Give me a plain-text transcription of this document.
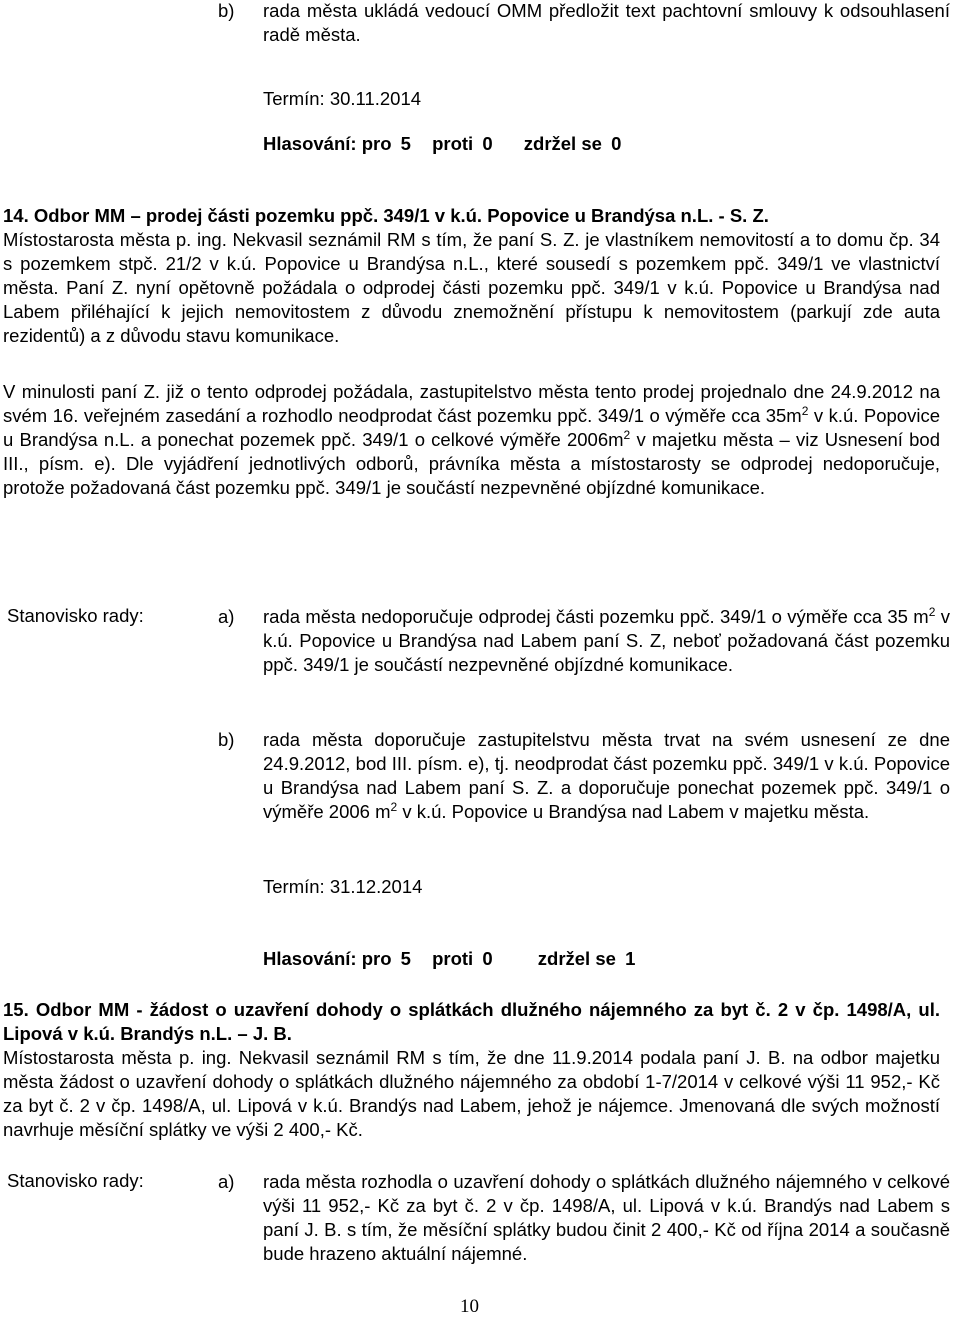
b) rada města ukládá vedoucí OMM předložit text pachtovní smlouvy k odsouhlasení radě města.
Termín: 30.11.2014
Hlasování: pro 5 proti 0 zdržel se 0
14. Odbor MM – prodej části pozemku ppč. 349/1 v k.ú. Popovice u Brandýsa n.L. - S. Z.
Místostarosta města p. ing. Nekvasil seznámil RM s tím, že paní S. Z. je vlastníkem nemovitostí a to domu čp. 34 s pozemkem stpč. 21/2 v k.ú. Popovice u Brandýsa n.L., které sousedí s pozemkem ppč. 349/1 ve vlastnictví města. Paní Z. nyní opětovně požádala o odprodej části pozemku ppč. 349/1 v k.ú. Popovice u Brandýsa nad Labem přiléhající k jejich nemovitostem z důvodu znemožnění přístupu k nemovitostem (parkují zde auta rezidentů) a z důvodu stavu komunikace.
V minulosti paní Z. již o tento odprodej požádala, zastupitelstvo města tento prodej projednalo dne 24.9.2012 na svém 16. veřejném zasedání a rozhodlo neodprodat část pozemku ppč. 349/1 o výměře cca $35m^2$ v k.ú. Popovice u Brandýsa n.L. a ponechat pozemek ppč. 349/1 o celkové výměře $2006m^2$ v majetku města – viz Usnesení bod III., písm. e). Dle vyjádření jednotlivých odborů, právníka města a místostarosty se odprodej nedoporučuje, protože požadovaná část pozemku ppč. 349/1 je součástí nezpevněné objízdné komunikace.
Stanovisko rady:	a) rada města nedoporučuje odprodej části pozemku ppč. 349/1 o výměře cca 35 $m^2$ v k.ú. Popovice u Brandýsa nad Labem paní S. Z, neboť požadovaná část pozemku ppč. 349/1 je součástí nezpevněné objízdné komunikace.
b) rada města doporučuje zastupitelstvu města trvat na svém usnesení ze dne 24.9.2012, bod III. písm. e), tj. neodprodat část pozemku ppč. 349/1 v k.ú. Popovice u Brandýsa nad Labem paní S. Z. a doporučuje ponechat pozemek ppč. 349/1 o výměře 2006 $m^2$ v k.ú. Popovice u Brandýsa nad Labem v majetku města.
Termín: 31.12.2014
Hlasování: pro 5 proti 0 zdržel se 1
15. Odbor MM - žádost o uzavření dohody o splátkách dlužného nájemného za byt č. 2 v čp. 1498/A, ul. Lipová v k.ú. Brandýs n.L. – J. B.
Místostarosta města p. ing. Nekvasil seznámil RM s tím, že dne 11.9.2014 podala paní J. B. na odbor majetku města žádost o uzavření dohody o splátkách dlužného nájemného za období 1-7/2014 v celkové výši 11 952,- Kč za byt č. 2 v čp. 1498/A, ul. Lipová v k.ú. Brandýs nad Labem, jehož je nájemce. Jmenovaná dle svých možností navrhuje měsíční splátky ve výši 2 400,- Kč.
Stanovisko rady:	a) rada města rozhodla o uzavření dohody o splátkách dlužného nájemného v celkové výši 11 952,- Kč za byt č. 2 v čp. 1498/A, ul. Lipová v k.ú. Brandýs nad Labem s paní J. B. s tím, že měsíční splátky budou činit 2 400,- Kč od října 2014 a současně bude hrazeno aktuální nájemné.
10
